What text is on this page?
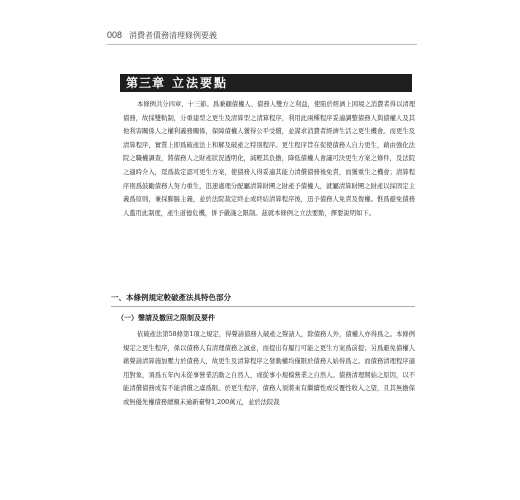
008 消費者債務清理條例要義
第三章 立法要點

本條例共分四章、十三節。爲兼顧債權人、債務人雙方之利益，使陷於經濟上困境之消費者得以清理債務，故採雙軌制，分重建型之更生及清算型之清算程序，利用此兩種程序妥適調整債務人與債權人及其他利害關係人之權利義務關係，保障債權人獲得公平受償，並謀求消費者經濟生活之更生機會。而更生及清算程序，實質上即爲破產法上和解及破產之特別程序。更生程序旨在促使債務人自力更生，藉由強化法院之職權調查，將債務人之財產狀況透明化，減輕其負擔，降低債權人會議可決更生方案之條件，及法院之適時介入，逕爲裁定認可更生方案，使債務人得妥適其能力清償債務後免責，而獲重生之機會；清算程序則爲鼓勵債務人努力重生，迅速處理分配屬清算財團之財產予債權人，就屬清算財團之財產以採固定主義爲原則，兼採膨脹主義，並於法院裁定終止或終結清算程序後，迅予債務人免責及復權。惟爲避免債務人濫用此制度，產生道德危機，併予嚴謹之限制。茲就本條例之立法要點，擇要說明如下。

一、本條例規定較破產法具特色部分
（一）聲請及撤回之限制及要件

依破產法第58條第1項之規定，得聲請債務人破產之聲請人，除債務人外，債權人亦得爲之。本條例規定之更生程序，係以債務人有清理債務之誠意，而提出有履行可能之更生方案爲前提；另爲避免債權人藉聲請清算施加壓力於債務人，故更生及清算程序之發動權均僅限於債務人始得爲之。而債務清理程序適用對象，須爲五年內未從事營業活動之自然人，或從事小規模營業之自然人。債務清理開始之原因，以不能清償債務或有不能清償之虞爲限。於更生程序，債務人須將來有繼續性或反覆性收入之望，且其無擔保或無優先權債務總額未逾新臺幣1,200萬元，並於法院裁
